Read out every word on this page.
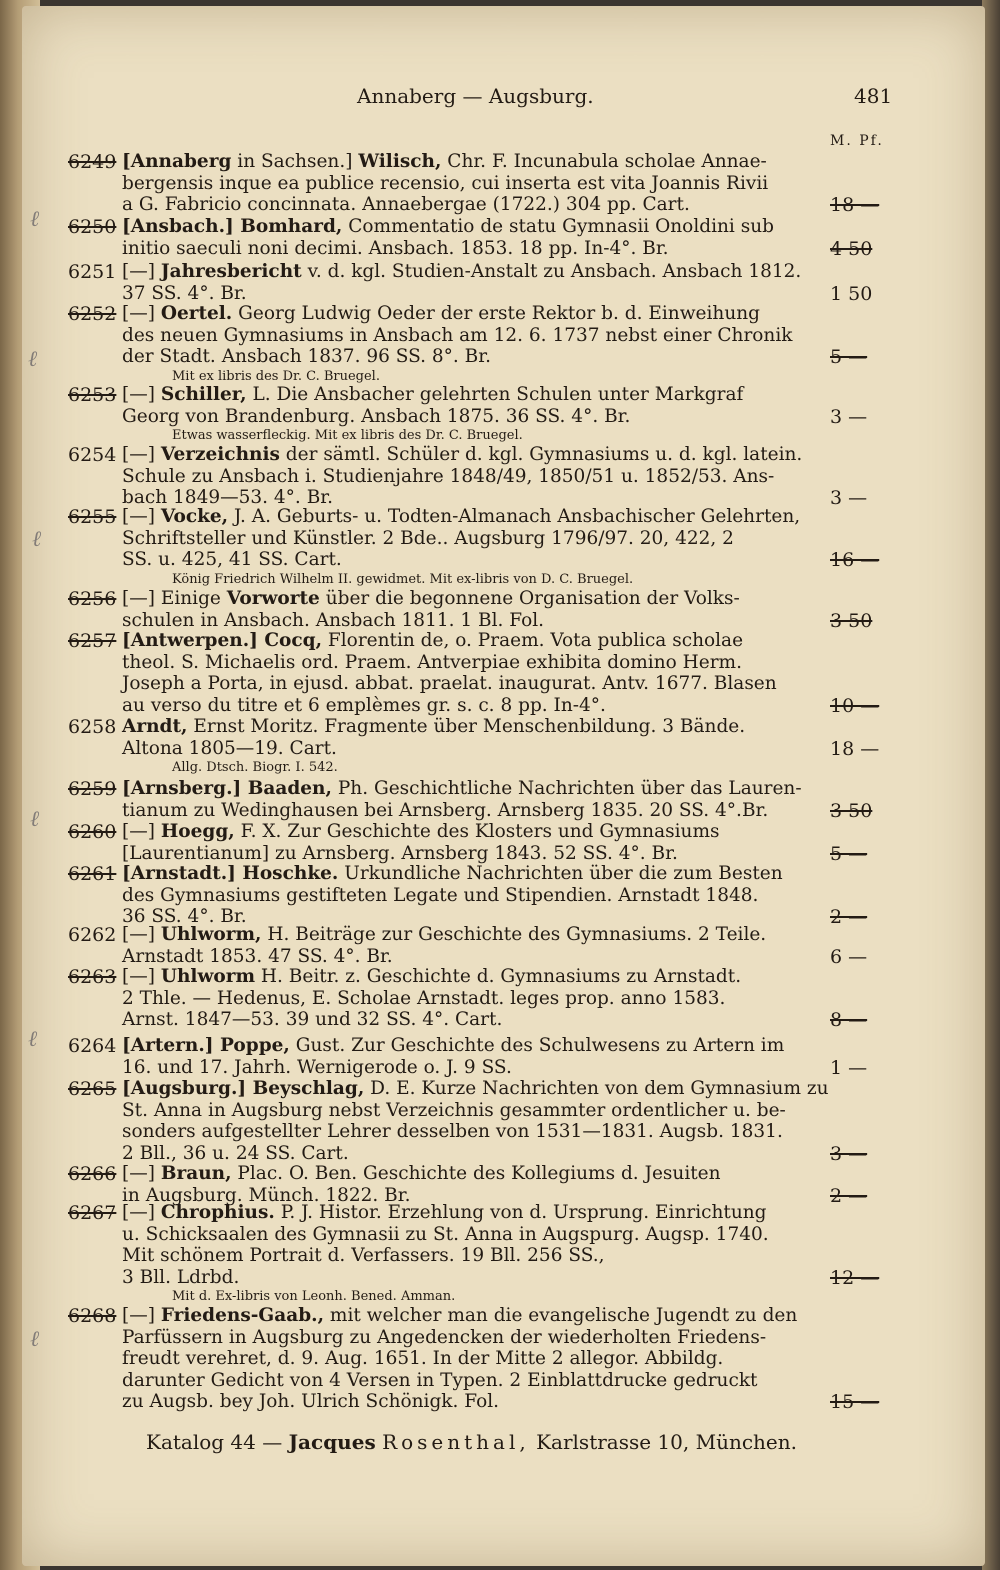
Annaberg — Augsburg.	481
M. Pf.
6249 [Annaberg in Sachsen.] Wilisch, Chr. F. Incunabula scholae Annae-
bergensis inque ea publice recensio, cui inserta est vita Joannis Rivii
a G. Fabricio concinnata. Annaebergae (1722.) 304 pp. Cart.	18 —
6250 [Ansbach.] Bomhard, Commentatio de statu Gymnasii Onoldini sub
initio saeculi noni decimi. Ansbach. 1853. 18 pp. In-4°. Br.	4 50
6251 [—] Jahresbericht v. d. kgl. Studien-Anstalt zu Ansbach. Ansbach 1812.
37 SS. 4°. Br.	1 50
6252 [—] Oertel. Georg Ludwig Oeder der erste Rektor b. d. Einweihung
des neuen Gymnasiums in Ansbach am 12. 6. 1737 nebst einer Chronik
der Stadt. Ansbach 1837. 96 SS. 8°. Br.
Mit ex libris des Dr. C. Bruegel.
5 —
6253 [—] Schiller, L. Die Ansbacher gelehrten Schulen unter Markgraf
Georg von Brandenburg. Ansbach 1875. 36 SS. 4°. Br.
Etwas wasserfleckig. Mit ex libris des Dr. C. Bruegel.
3 —
6254 [—] Verzeichnis der sämtl. Schüler d. kgl. Gymnasiums u. d. kgl. latein.
Schule zu Ansbach i. Studienjahre 1848/49, 1850/51 u. 1852/53. Ans-
bach 1849—53. 4°. Br.	3 —
6255 [—] Vocke, J. A. Geburts- u. Todten-Almanach Ansbachischer Gelehrten,
Schriftsteller und Künstler. 2 Bde.. Augsburg 1796/97. 20, 422, 2
SS. u. 425, 41 SS. Cart.
König Friedrich Wilhelm II. gewidmet. Mit ex-libris von D. C. Bruegel.
16 —
6256 [—] Einige Vorworte über die begonnene Organisation der Volks-
schulen in Ansbach. Ansbach 1811. 1 Bl. Fol.	3 50
6257 [Antwerpen.] Cocq, Florentin de, o. Praem. Vota publica scholae
theol. S. Michaelis ord. Praem. Antverpiae exhibita domino Herm.
Joseph a Porta, in ejusd. abbat. praelat. inaugurat. Antv. 1677. Blasen
au verso du titre et 6 emplèmes gr. s. c. 8 pp. In-4°.	10 —
6258 Arndt, Ernst Moritz. Fragmente über Menschenbildung. 3 Bände.
Altona 1805—19. Cart.
Allg. Dtsch. Biogr. I. 542.
18 —
6259 [Arnsberg.] Baaden, Ph. Geschichtliche Nachrichten über das Lauren-
tianum zu Wedinghausen bei Arnsberg. Arnsberg 1835. 20 SS. 4°.Br.	3 50
6260 [—] Hoegg, F. X. Zur Geschichte des Klosters und Gymnasiums
[Laurentianum] zu Arnsberg. Arnsberg 1843. 52 SS. 4°. Br.	5 —
6261 [Arnstadt.] Hoschke. Urkundliche Nachrichten über die zum Besten
des Gymnasiums gestifteten Legate und Stipendien. Arnstadt 1848.
36 SS. 4°. Br.	2 —
6262 [—] Uhlworm, H. Beiträge zur Geschichte des Gymnasiums. 2 Teile.
Arnstadt 1853. 47 SS. 4°. Br.	6 —
6263 [—] Uhlworm H. Beitr. z. Geschichte d. Gymnasiums zu Arnstadt.
2 Thle. — Hedenus, E. Scholae Arnstadt. leges prop. anno 1583.
Arnst. 1847—53. 39 und 32 SS. 4°. Cart.	8 —
6264 [Artern.] Poppe, Gust. Zur Geschichte des Schulwesens zu Artern im
16. und 17. Jahrh. Wernigerode o. J. 9 SS.	1 —
6265 [Augsburg.] Beyschlag, D. E. Kurze Nachrichten von dem Gymnasium zu
St. Anna in Augsburg nebst Verzeichnis gesammter ordentlicher u. be-
sonders aufgestellter Lehrer desselben von 1531—1831. Augsb. 1831.
2 Bll., 36 u. 24 SS. Cart.	3 —
6266 [—] Braun, Plac. O. Ben. Geschichte des Kollegiums d. Jesuiten
in Augsburg. Münch. 1822. Br.	2 —
6267 [—] Chrophius. P. J. Histor. Erzehlung von d. Ursprung. Einrichtung
u. Schicksaalen des Gymnasii zu St. Anna in Augspurg. Augsp. 1740.
Mit schönem Portrait d. Verfassers. 19 Bll. 256 SS.,
3 Bll. Ldrbd.
Mit d. Ex-libris von Leonh. Bened. Amman.
12 —
6268 [—] Friedens-Gaab., mit welcher man die evangelische Jugendt zu den
Parfüssern in Augsburg zu Angedencken der wiederholten Friedens-
freudt verehret, d. 9. Aug. 1651. In der Mitte 2 allegor. Abbildg.
darunter Gedicht von 4 Versen in Typen. 2 Einblattdrucke gedruckt
zu Augsb. bey Joh. Ulrich Schönigk. Fol.	15 —
Katalog 44 — Jacques Rosenthal, Karlstrasse 10, München.
ℓ
ℓ
ℓ
ℓ
ℓ
ℓ
